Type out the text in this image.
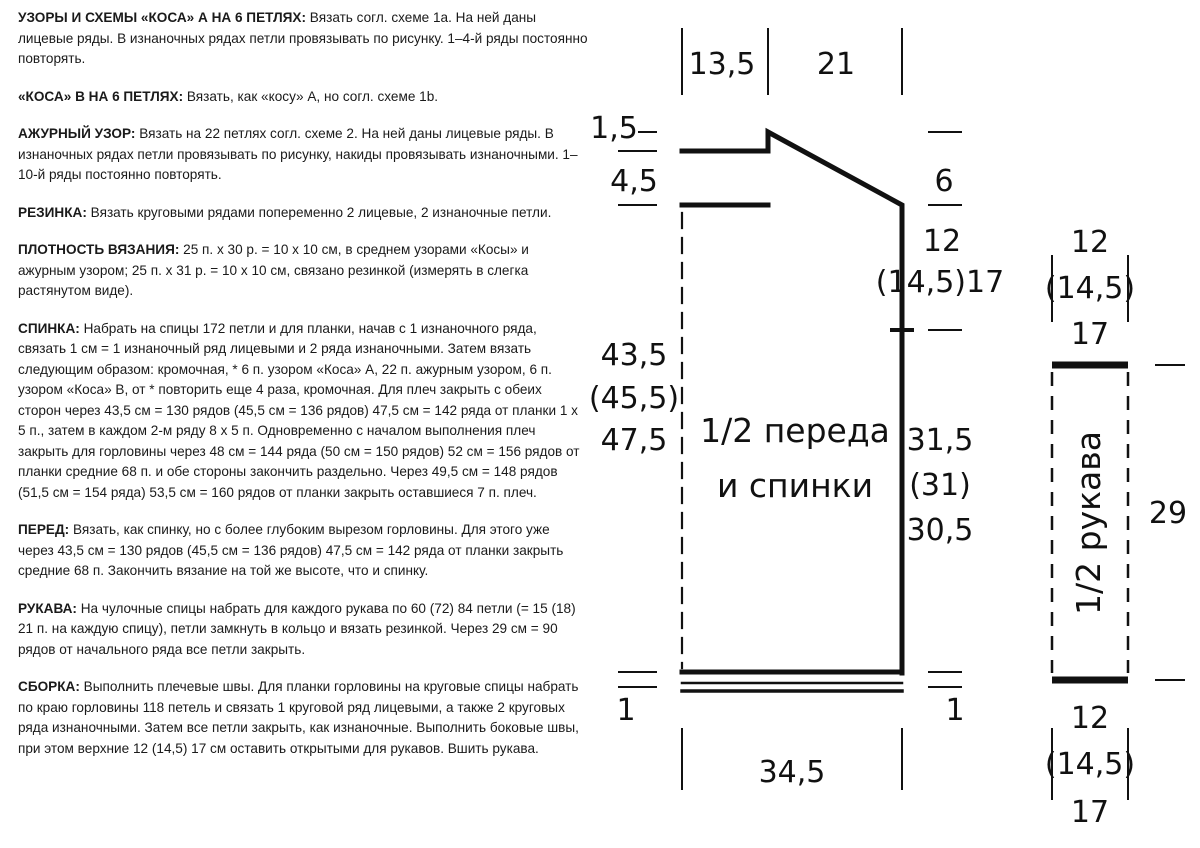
УЗОРЫ И СХЕМЫ «КОСА» А НА 6 ПЕТЛЯХ: Вязать согл. схеме 1а. На ней даны лицевые ряды. В изнаночных рядах петли провязывать по рисунку. 1–4-й ряды постоянно повторять.

«КОСА» В НА 6 ПЕТЛЯХ: Вязать, как «косу» А, но согл. схеме 1b.

АЖУРНЫЙ УЗОР: Вязать на 22 петлях согл. схеме 2. На ней даны лицевые ряды. В изнаночных рядах петли провязывать по рисунку, накиды провязывать изнаночными. 1–10-й ряды постоянно повторять.

РЕЗИНКА: Вязать круговыми рядами попеременно 2 лицевые, 2 изнаночные петли.

ПЛОТНОСТЬ ВЯЗАНИЯ: 25 п. х 30 р. = 10 х 10 см, в среднем узорами «Косы» и ажурным узором; 25 п. х 31 р. = 10 х 10 см, связано резинкой (измерять в слегка растянутом виде).

СПИНКА: Набрать на спицы 172 петли и для планки, начав с 1 изнаночного ряда, связать 1 см = 1 изнаночный ряд лицевыми и 2 ряда изнаночными. Затем вязать следующим образом: кромочная, * 6 п. узором «Коса» А, 22 п. ажурным узором, 6 п. узором «Коса» В, от * повторить еще 4 раза, кромочная. Для плеч закрыть с обеих сторон через 43,5 см = 130 рядов (45,5 см = 136 рядов) 47,5 см = 142 ряда от планки 1 х 5 п., затем в каждом 2-м ряду 8 х 5 п. Одновременно с началом выполнения плеч закрыть для горловины через 48 см = 144 ряда (50 см = 150 рядов) 52 см = 156 рядов от планки средние 68 п. и обе стороны закончить раздельно. Через 49,5 см = 148 рядов (51,5 см = 154 ряда) 53,5 см = 160 рядов от планки закрыть оставшиеся 7 п. плеч.

ПЕРЕД: Вязать, как спинку, но с более глубоким вырезом горловины. Для этого уже через 43,5 см = 130 рядов (45,5 см = 136 рядов) 47,5 см = 142 ряда от планки закрыть средние 68 п. Закончить вязание на той же высоте, что и спинку.

РУКАВА: На чулочные спицы набрать для каждого рукава по 60 (72) 84 петли (= 15 (18) 21 п. на каждую спицу), петли замкнуть в кольцо и вязать резинкой. Через 29 см = 90 рядов от начального ряда все петли закрыть.

СБОРКА: Выполнить плечевые швы. Для планки горловины на круговые спицы набрать по краю горловины 118 петель и связать 1 круговой ряд лицевыми, а также 2 круговых ряда изнаночными. Затем все петли закрыть, как изнаночные. Выполнить боковые швы, при этом верхние 12 (14,5) 17 см оставить открытыми для рукавов. Вшить рукава.

1/2 переда
и спинки	1/2 рукава
13,5 21
1,5
4,5	6
12
(14,5)17
43,5
(45,5)
47,5	31,5
(31)
30,5
1	1
34,5
12
(14,5)
17
29
12
(14,5)
17
